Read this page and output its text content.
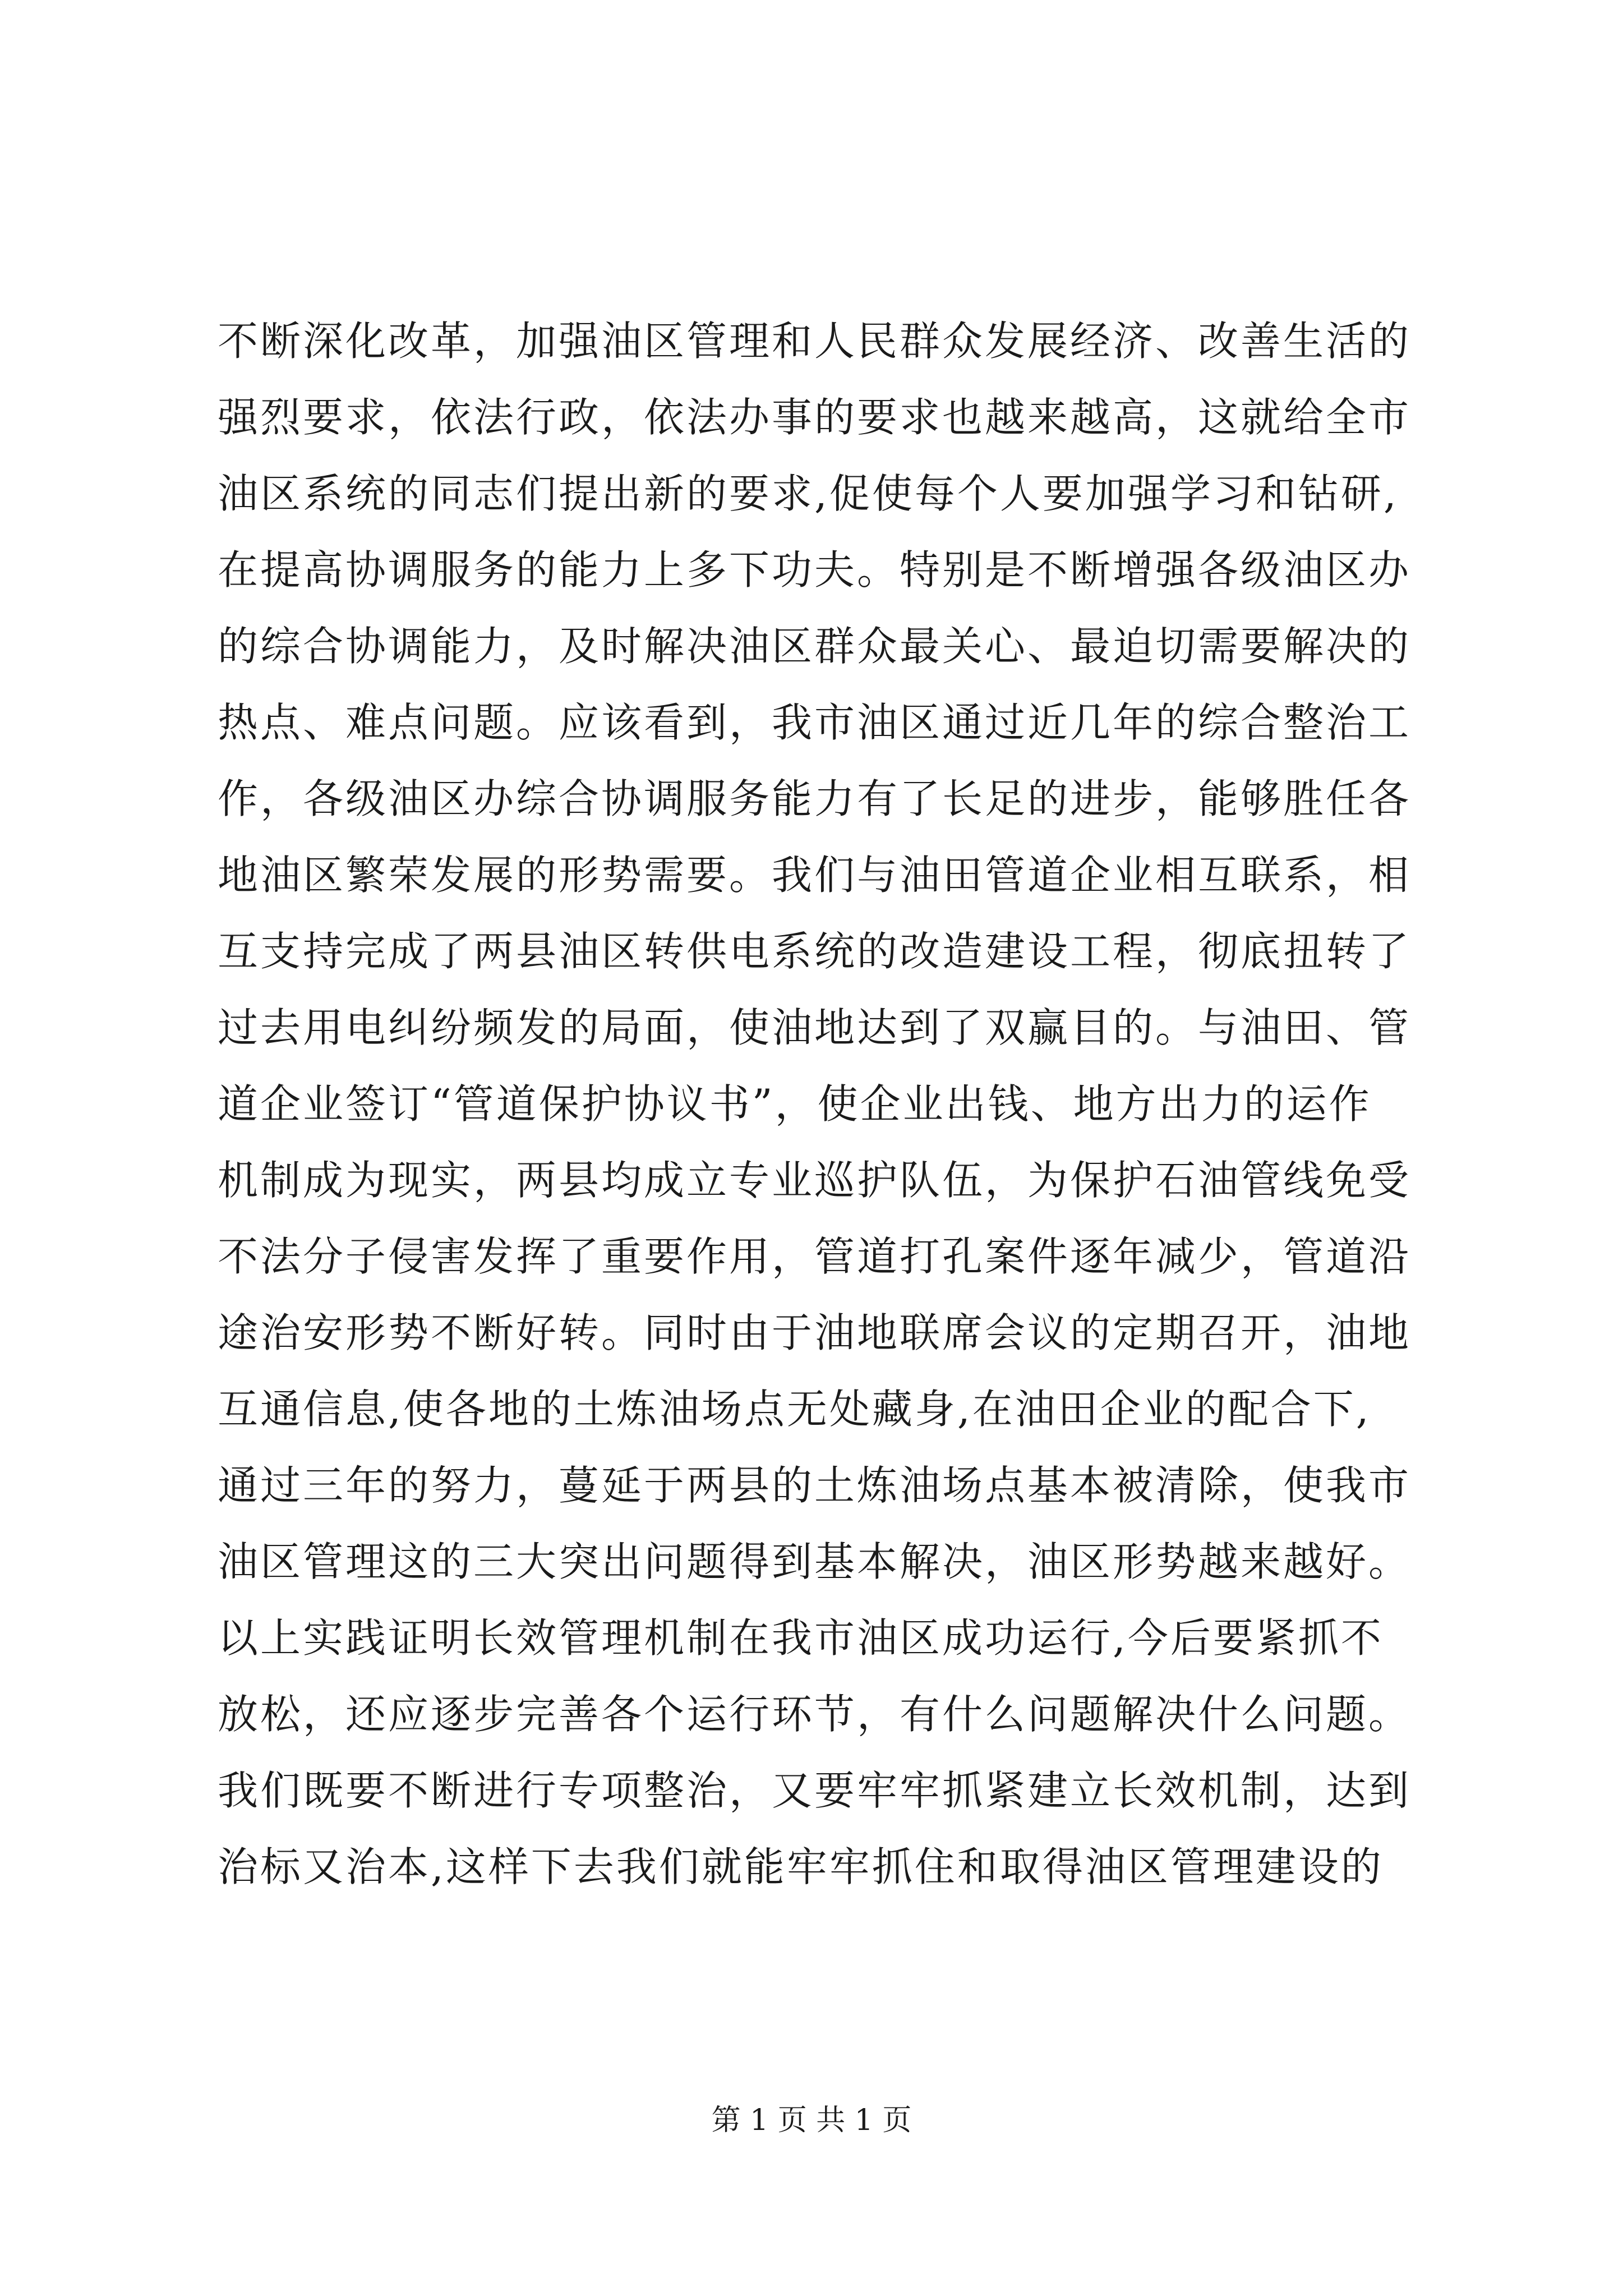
不断深化改革，加强油区管理和人民群众发展经济、改善生活的
强烈要求，依法行政，依法办事的要求也越来越高，这就给全市
油区系统的同志们提出新的要求,促使每个人要加强学习和钻研,
在提高协调服务的能力上多下功夫。特别是不断增强各级油区办
的综合协调能力，及时解决油区群众最关心、最迫切需要解决的
热点、难点问题。应该看到，我市油区通过近几年的综合整治工
作，各级油区办综合协调服务能力有了长足的进步，能够胜任各
地油区繁荣发展的形势需要。我们与油田管道企业相互联系，相
互支持完成了两县油区转供电系统的改造建设工程，彻底扭转了
过去用电纠纷频发的局面，使油地达到了双赢目的。与油田、管
道企业签订“管道保护协议书”，使企业出钱、地方出力的运作
机制成为现实，两县均成立专业巡护队伍，为保护石油管线免受
不法分子侵害发挥了重要作用，管道打孔案件逐年减少，管道沿
途治安形势不断好转。同时由于油地联席会议的定期召开，油地
互通信息,使各地的土炼油场点无处藏身,在油田企业的配合下,
通过三年的努力，蔓延于两县的土炼油场点基本被清除，使我市
油区管理这的三大突出问题得到基本解决，油区形势越来越好。
以上实践证明长效管理机制在我市油区成功运行,今后要紧抓不
放松，还应逐步完善各个运行环节，有什么问题解决什么问题。
我们既要不断进行专项整治，又要牢牢抓紧建立长效机制，达到
治标又治本,这样下去我们就能牢牢抓住和取得油区管理建设的
第 1 页 共 1 页
